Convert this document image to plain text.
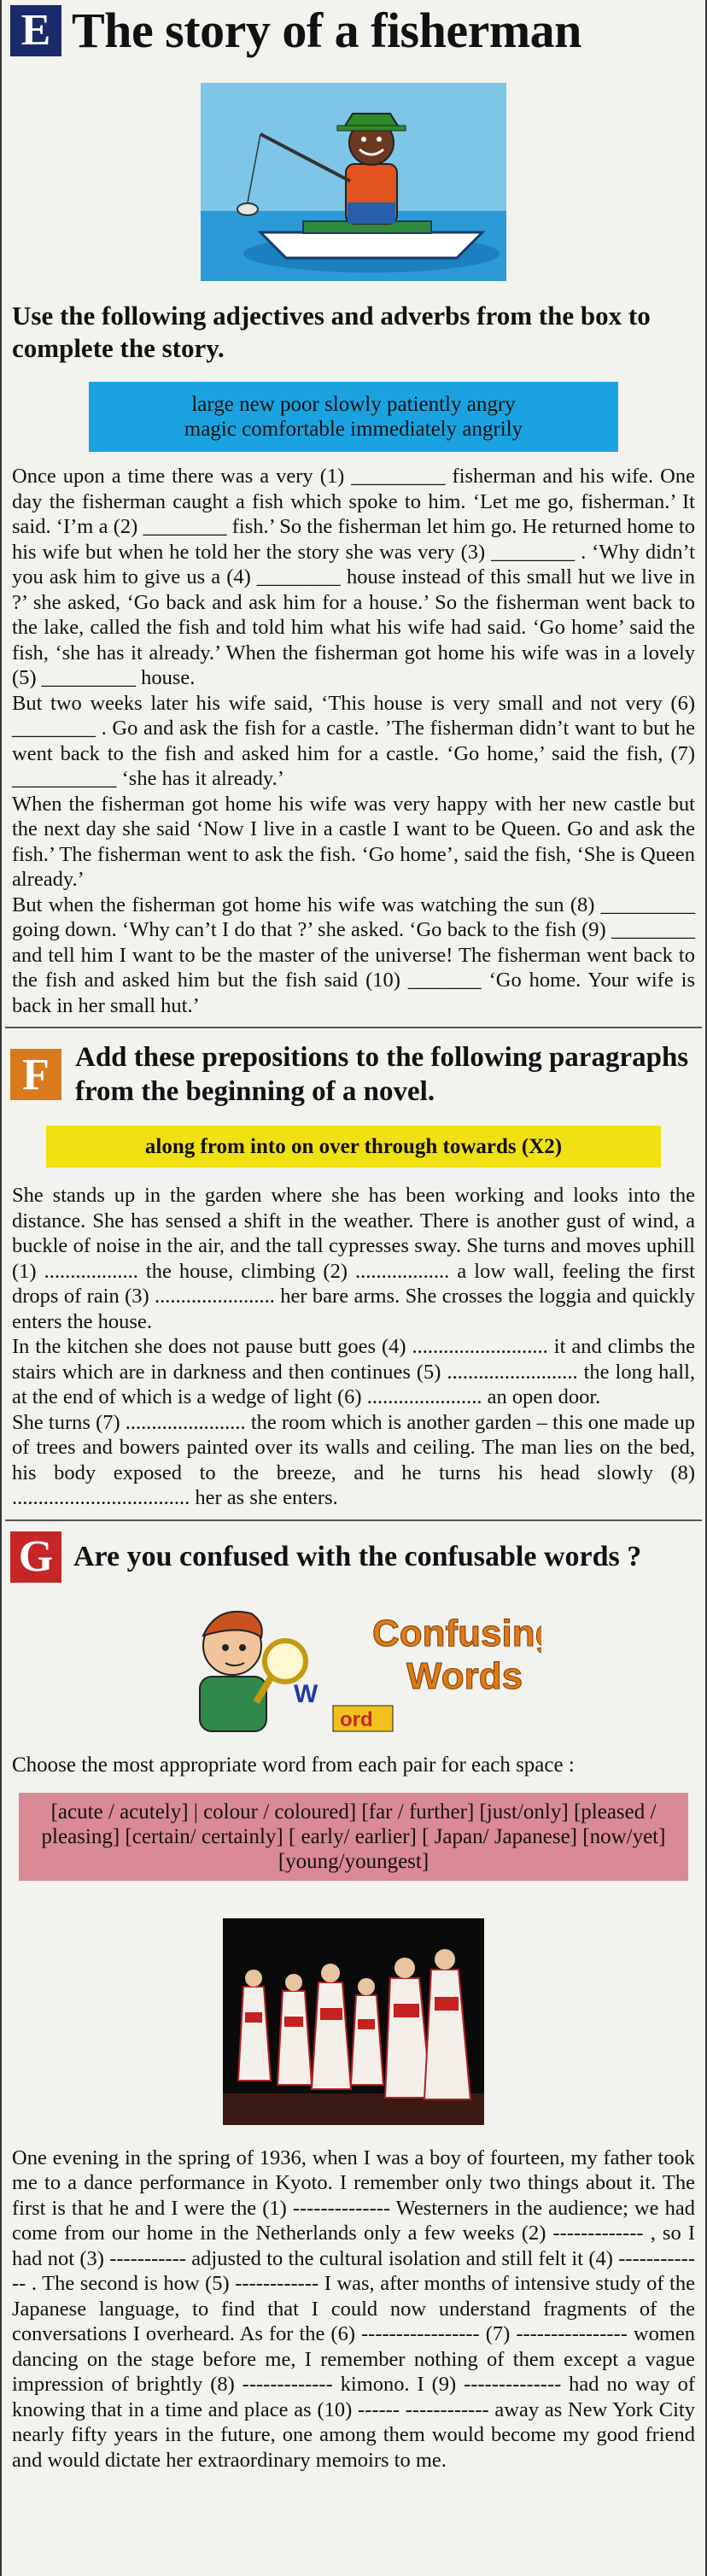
E The story of a fisherman
Use the following adjectives and adverbs from the box to complete the story.
large new poor slowly patiently angry
magic comfortable immediately angrily

Once upon a time there was a very (1) _________ fisherman and his wife. One day the fisherman caught a fish which spoke to him. ‘Let me go, fisherman.’ It said. ‘I’m a (2) ________ fish.’ So the fisherman let him go. He returned home to his wife but when he told her the story she was very (3) ________ . ‘Why didn’t you ask him to give us a (4) ________ house instead of this small hut we live in ?’ she asked, ‘Go back and ask him for a house.’ So the fisherman went back to the lake, called the fish and told him what his wife had said. ‘Go home’ said the fish, ‘she has it already.’ When the fisherman got home his wife was in a lovely (5) _________ house.

But two weeks later his wife said, ‘This house is very small and not very (6) ________ . Go and ask the fish for a castle. ’The fisherman didn’t want to but he went back to the fish and asked him for a castle. ‘Go home,’ said the fish, (7) __________ ‘she has it already.’

When the fisherman got home his wife was very happy with her new castle but the next day she said ‘Now I live in a castle I want to be Queen. Go and ask the fish.’ The fisherman went to ask the fish. ‘Go home’, said the fish, ‘She is Queen already.’

But when the fisherman got home his wife was watching the sun (8) _________ going down. ‘Why can’t I do that ?’ she asked. ‘Go back to the fish (9) ________ and tell him I want to be the master of the universe! The fisherman went back to the fish and asked him but the fish said (10) _______ ‘Go home. Your wife is back in her small hut.’

F Add these prepositions to the following paragraphs from the beginning of a novel.
along from into on over through towards (X2)

She stands up in the garden where she has been working and looks into the distance. She has sensed a shift in the weather. There is another gust of wind, a buckle of noise in the air, and the tall cypresses sway. She turns and moves uphill (1) .................. the house, climbing (2) .................. a low wall, feeling the first drops of rain (3) ....................... her bare arms. She crosses the loggia and quickly enters the house.

In the kitchen she does not pause butt goes (4) .......................... it and climbs the stairs which are in darkness and then continues (5) ......................... the long hall, at the end of which is a wedge of light (6) ...................... an open door.

She turns (7) ....................... the room which is another garden – this one made up of trees and bowers painted over its walls and ceiling. The man lies on the bed, his body exposed to the breeze, and he turns his head slowly (8) .................................. her as she enters.

G Are you confused with the confusable words ?
W
ord
Confusing
Words
Choose the most appropriate word from each pair for each space :
[acute / acutely] | colour / coloured] [far / further] [just/only] [pleased / pleasing] [certain/ certainly] [ early/ earlier] [ Japan/ Japanese] [now/yet] [young/youngest]
One evening in the spring of 1936, when I was a boy of fourteen, my father took me to a dance performance in Kyoto. I remember only two things about it. The first is that he and I were the (1) -------------- Westerners in the audience; we had come from our home in the Netherlands only a few weeks (2) ------------- , so I had not (3) ----------- adjusted to the cultural isolation and still felt it (4) ------------- . The second is how (5) ------------ I was, after months of intensive study of the Japanese language, to find that I could now understand fragments of the conversations I overheard. As for the (6) ----------------- (7) ---------------- women dancing on the stage before me, I remember nothing of them except a vague impression of brightly (8) ------------- kimono. I (9) -------------- had no way of knowing that in a time and place as (10) ------ ------------ away as New York City nearly fifty years in the future, one among them would become my good friend and would dictate her extraordinary memoirs to me.
